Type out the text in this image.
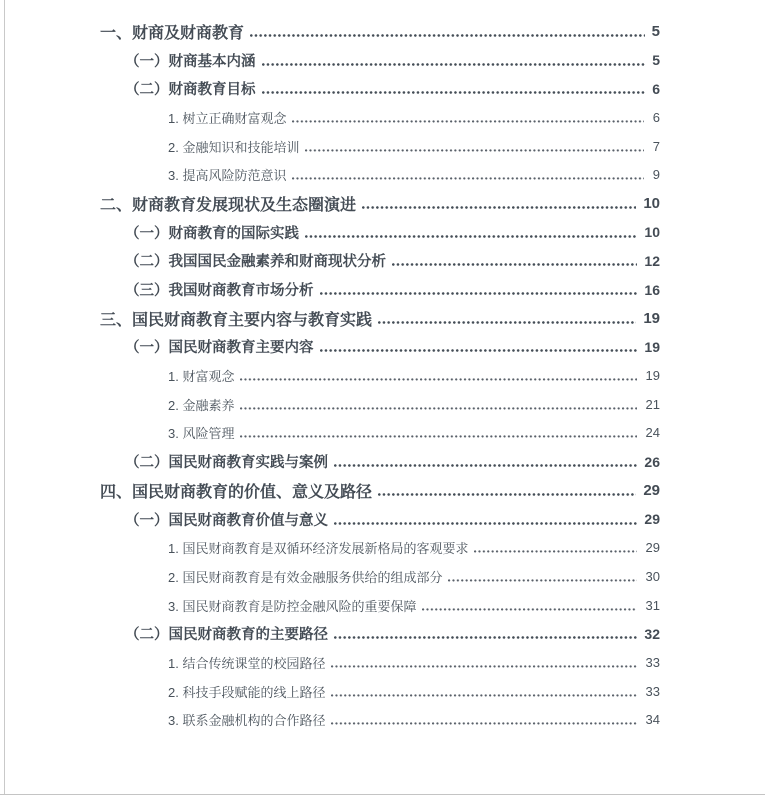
一、财商及财商教育	5
（一）财商基本内涵	5
（二）财商教育目标	6
1. 树立正确财富观念	6
2. 金融知识和技能培训	7
3. 提高风险防范意识	9
二、财商教育发展现状及生态圈演进	10
（一）财商教育的国际实践	10
（二）我国国民金融素养和财商现状分析	12
（三）我国财商教育市场分析	16
三、国民财商教育主要内容与教育实践	19
（一）国民财商教育主要内容	19
1. 财富观念	19
2. 金融素养	21
3. 风险管理	24
（二）国民财商教育实践与案例	26
四、国民财商教育的价值、意义及路径	29
（一）国民财商教育价值与意义	29
1. 国民财商教育是双循环经济发展新格局的客观要求	29
2. 国民财商教育是有效金融服务供给的组成部分	30
3. 国民财商教育是防控金融风险的重要保障	31
（二）国民财商教育的主要路径	32
1. 结合传统课堂的校园路径	33
2. 科技手段赋能的线上路径	33
3. 联系金融机构的合作路径	34
